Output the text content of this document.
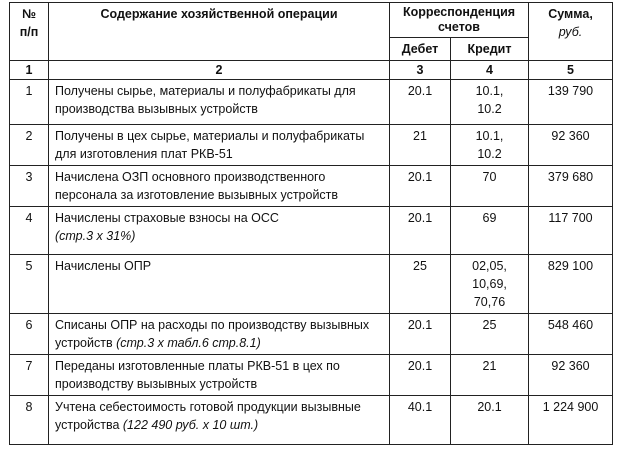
№ п/п	Содержание хозяйственной операции	Корреспонденция счетов		Сумма,
руб.
		Дебет	Кредит	
1	2	3	4	5
1	Получены сырье, материалы и полуфабрикаты для производства вызывных устройств	20.1	10.1, 10.2	139 790
2	Получены в цех сырье, материалы и полуфабрикаты для изготовления плат РКВ-51	21	10.1, 10.2	92 360
3	Начислена ОЗП основного производственного персонала за изготовление вызывных устройств	20.1	70	379 680
4	Начислены страховые взносы на ОСС
(стр.3 х 31%)	20.1	69	117 700
5	Начислены ОПР	25	02,05, 10,69, 70,76	829 100
6	Списаны ОПР на расходы по производству вызывных устройств (стр.3 х табл.6 стр.8.1)	20.1	25	548 460
7	Переданы изготовленные платы РКВ-51 в цех по производству вызывных устройств	20.1	21	92 360
8	Учтена себестоимость готовой продукции вызывные устройства (122 490 руб. х 10 шт.)	40.1	20.1	1 224 900
